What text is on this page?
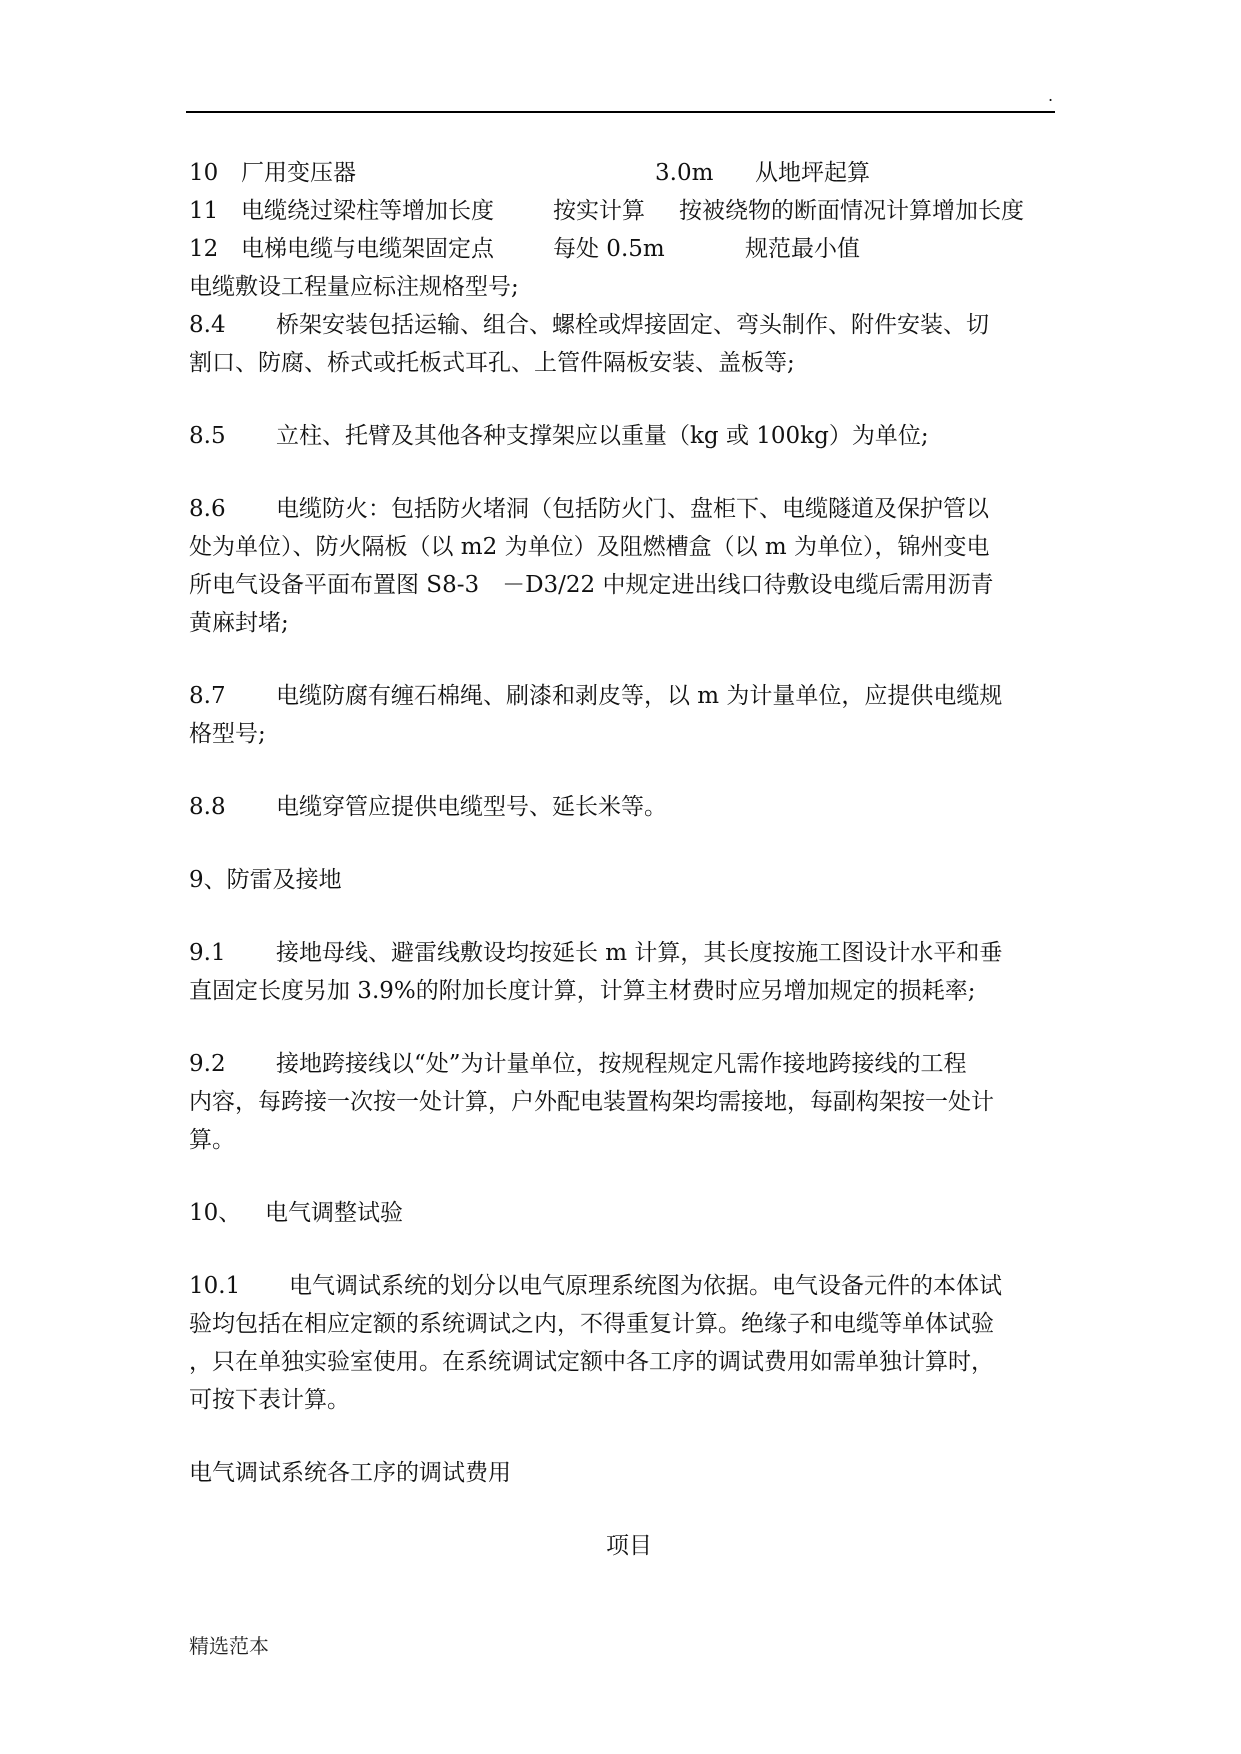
.
10 厂用变压器	3.0m 从地坪起算
11 电缆绕过梁柱等增加长度	按实计算 按被绕物的断面情况计算增加长度
12 电梯电缆与电缆架固定点	每处 0.5m	规范最小值
电缆敷设工程量应标注规格型号;
8.4 桥架安装包括运输、组合、螺栓或焊接固定、弯头制作、附件安装、切
割口、防腐、桥式或托板式耳孔、上管件隔板安装、盖板等;
8.5 立柱、托臂及其他各种支撑架应以重量（kg 或 100kg）为单位;
8.6 电缆防火：包括防火堵洞（包括防火门、盘柜下、电缆隧道及保护管以
处为单位）、防火隔板（以 m2 为单位）及阻燃槽盒（以 m 为单位），锦州变电
所电气设备平面布置图 S8-3　－D3/22 中规定进出线口待敷设电缆后需用沥青
黄麻封堵;
8.7 电缆防腐有缠石棉绳、刷漆和剥皮等，以 m 为计量单位，应提供电缆规
格型号;
8.8 电缆穿管应提供电缆型号、延长米等。
9、防雷及接地
9.1 接地母线、避雷线敷设均按延长 m 计算，其长度按施工图设计水平和垂
直固定长度另加 3.9%的附加长度计算，计算主材费时应另增加规定的损耗率;
9.2 接地跨接线以“处”为计量单位，按规程规定凡需作接地跨接线的工程
内容，每跨接一次按一处计算，户外配电装置构架均需接地，每副构架按一处计
算。
10、 电气调整试验
10.1 电气调试系统的划分以电气原理系统图为依据。电气设备元件的本体试
验均包括在相应定额的系统调试之内，不得重复计算。绝缘子和电缆等单体试验
，只在单独实验室使用。在系统调试定额中各工序的调试费用如需单独计算时，
可按下表计算。
电气调试系统各工序的调试费用
项目
精选范本
